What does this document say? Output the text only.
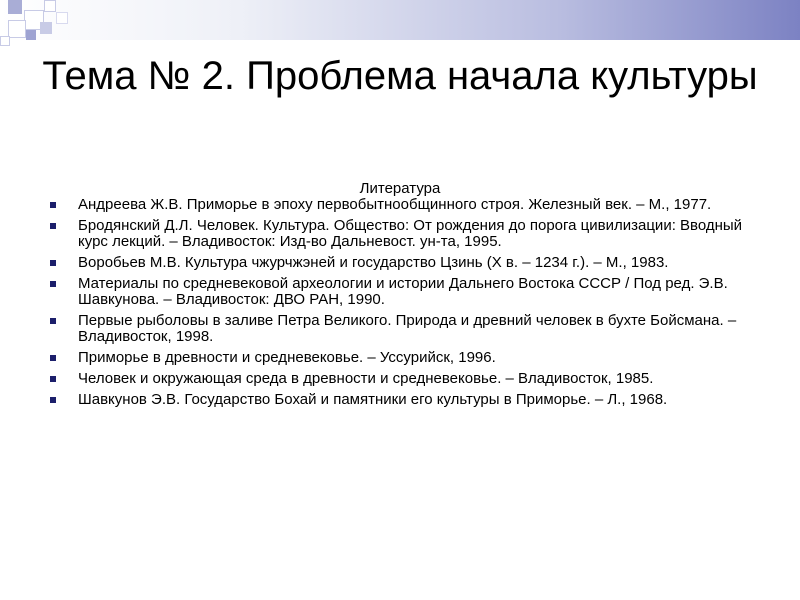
Тема № 2. Проблема начала культуры
Литература
Андреева Ж.В. Приморье в эпоху первобытнообщинного строя. Железный век. – М., 1977.
Бродянский Д.Л. Человек. Культура. Общество: От рождения до порога цивилизации: Вводный курс лекций. – Владивосток: Изд-во Дальневост. ун-та, 1995.
Воробьев М.В. Культура чжурчжэней и государство Цзинь (Х в. – 1234 г.). – М., 1983.
Материалы по средневековой археологии и истории Дальнего Востока СССР / Под ред. Э.В. Шавкунова. – Владивосток: ДВО РАН, 1990.
Первые рыболовы в заливе Петра Великого. Природа и древний человек в бухте Бойсмана. – Владивосток, 1998.
Приморье в древности и средневековье. – Уссурийск, 1996.
Человек и окружающая среда в древности и средневековье. – Владивосток, 1985.
Шавкунов Э.В. Государство Бохай и памятники его культуры в Приморье. – Л., 1968.
